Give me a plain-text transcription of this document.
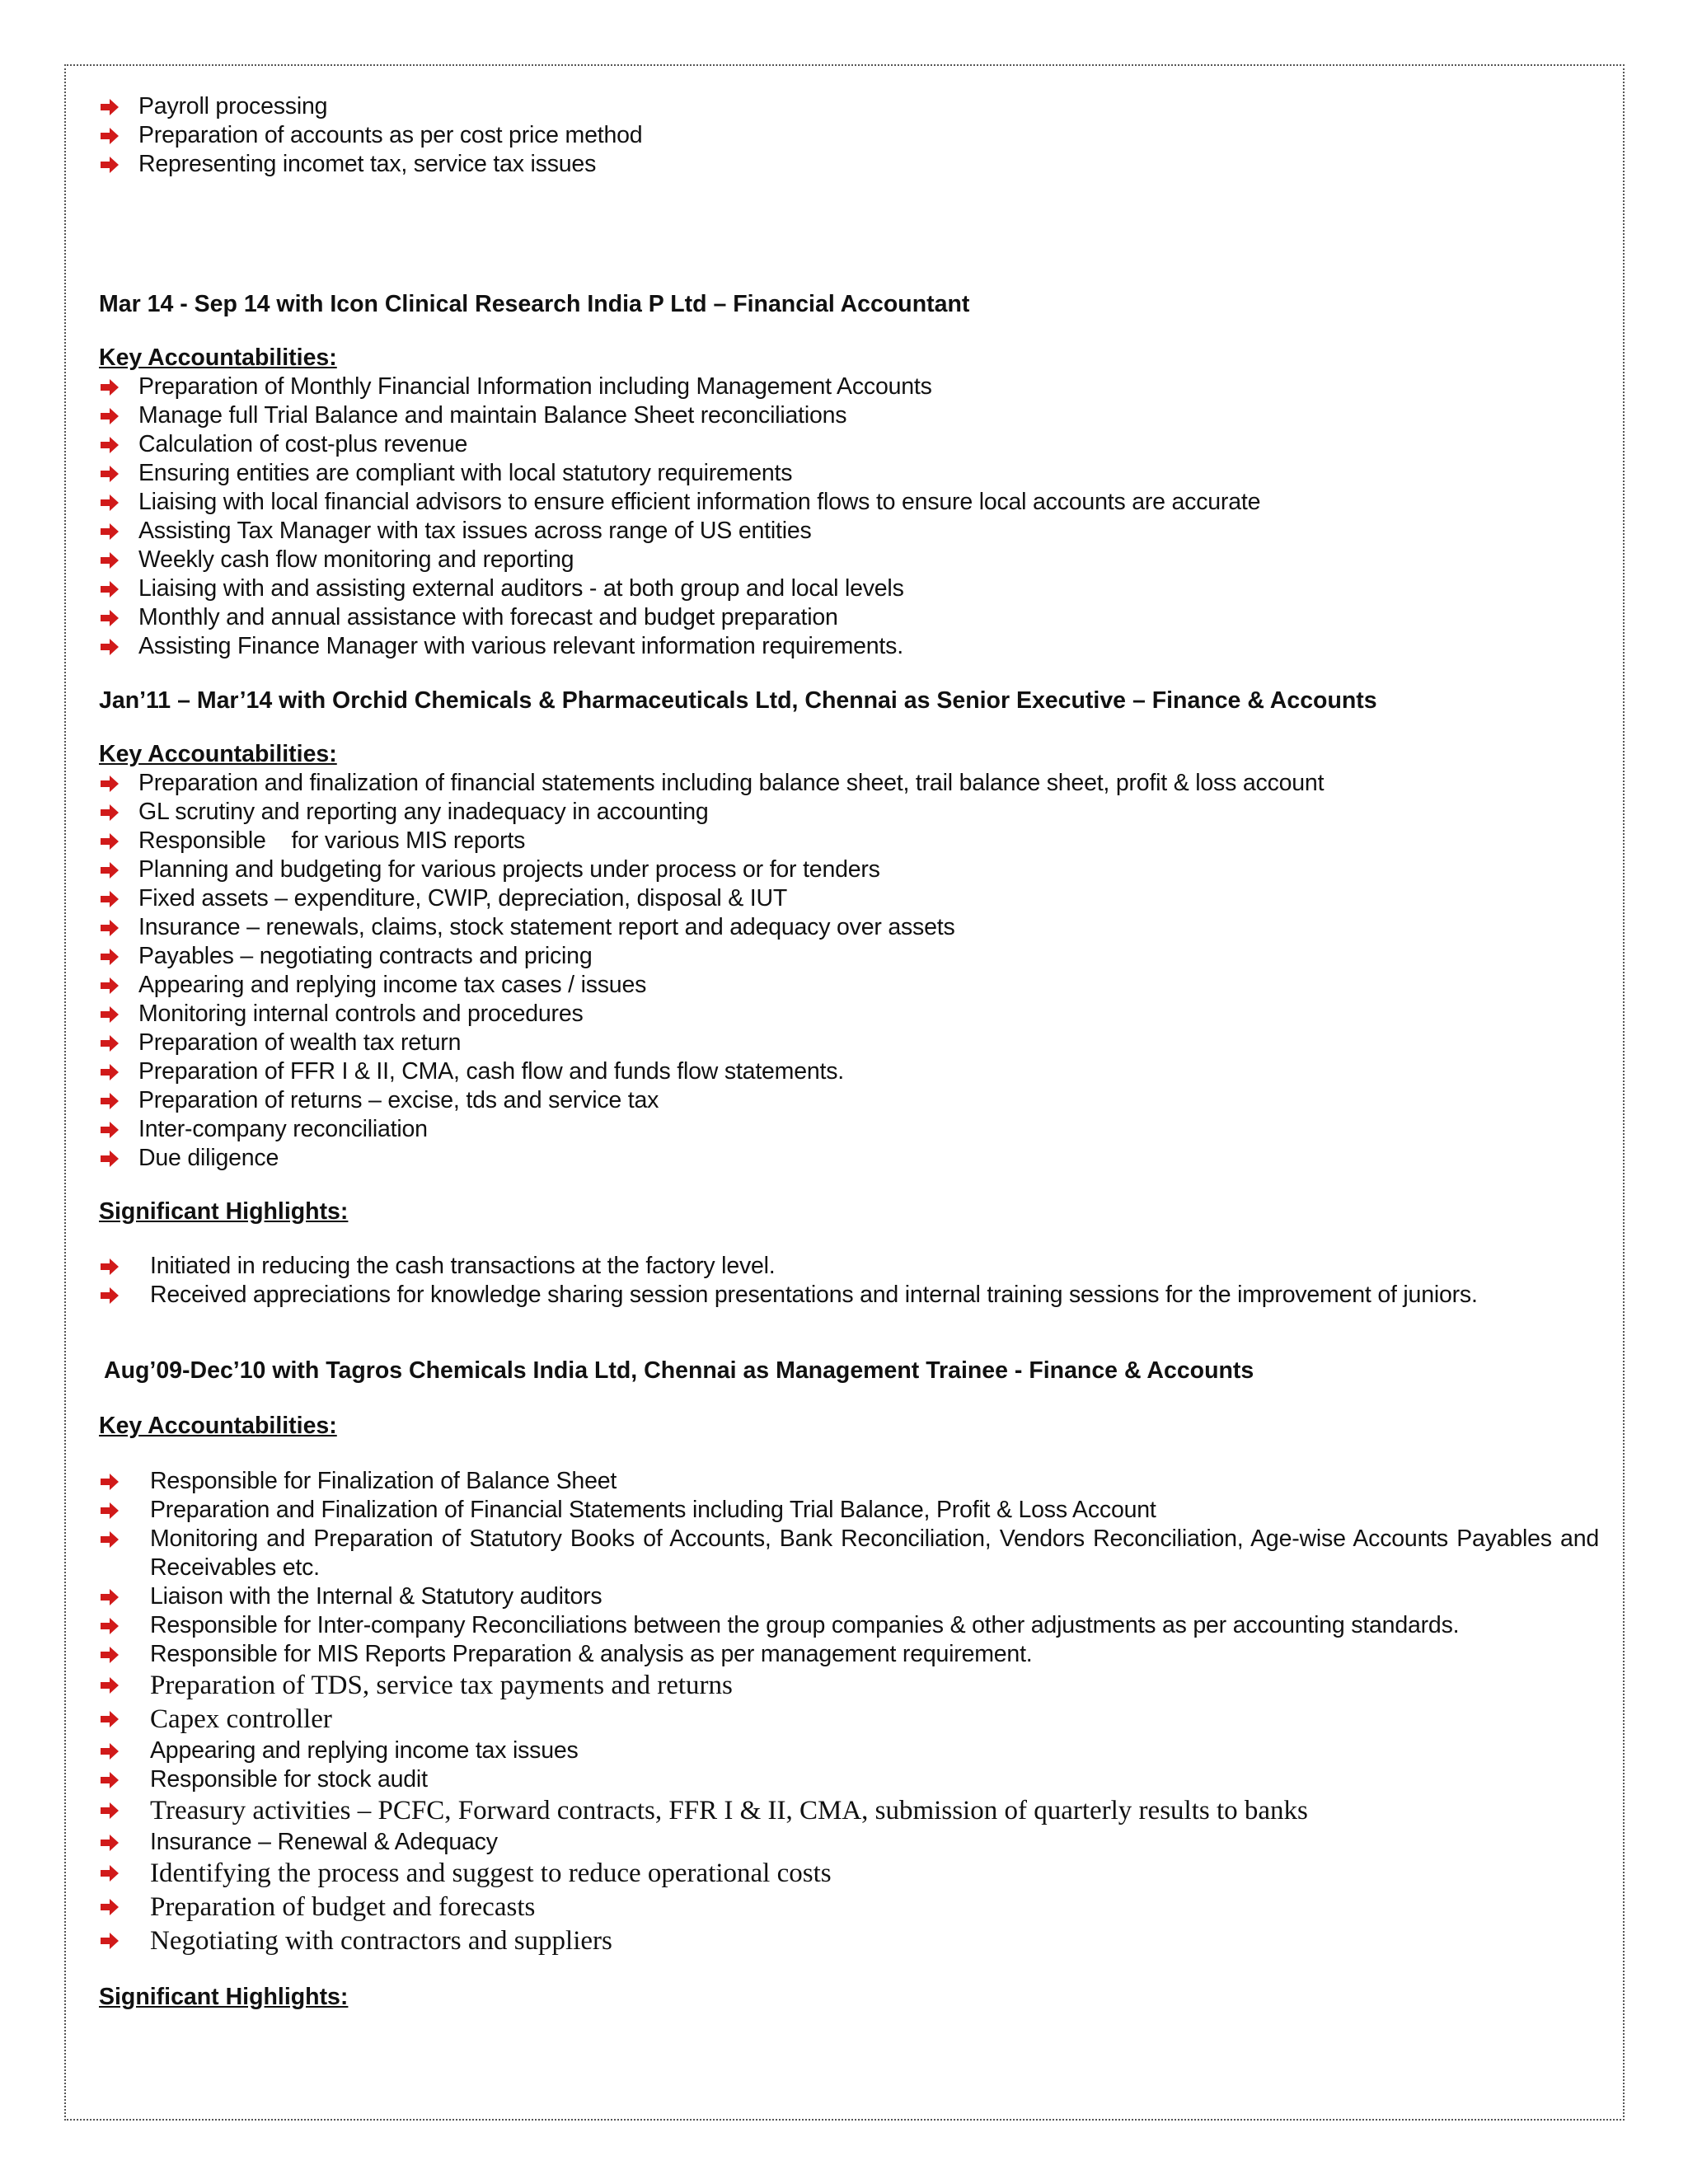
Payroll processing
Preparation of accounts as per cost price method
Representing incomet tax, service tax issues

Mar 14 - Sep 14 with Icon Clinical Research India P Ltd – Financial Accountant

Key Accountabilities:

Preparation of Monthly Financial Information including Management Accounts
Manage full Trial Balance and maintain Balance Sheet reconciliations
Calculation of cost-plus revenue
Ensuring entities are compliant with local statutory requirements
Liaising with local financial advisors to ensure efficient information flows to ensure local accounts are accurate
Assisting Tax Manager with tax issues across range of US entities
Weekly cash flow monitoring and reporting
Liaising with and assisting external auditors - at both group and local levels
Monthly and annual assistance with forecast and budget preparation
Assisting Finance Manager with various relevant information requirements.

Jan’11 – Mar’14 with Orchid Chemicals & Pharmaceuticals Ltd, Chennai as Senior Executive – Finance & Accounts

Key Accountabilities:

Preparation and finalization of financial statements including balance sheet, trail balance sheet, profit & loss account
GL scrutiny and reporting any inadequacy in accounting
Responsible    for various MIS reports
Planning and budgeting for various projects under process or for tenders
Fixed assets – expenditure, CWIP, depreciation, disposal & IUT
Insurance – renewals, claims, stock statement report and adequacy over assets
Payables – negotiating contracts and pricing
Appearing and replying income tax cases / issues
Monitoring internal controls and procedures
Preparation of wealth tax return
Preparation of FFR I & II, CMA, cash flow and funds flow statements.
Preparation of returns – excise, tds and service tax
Inter-company reconciliation
Due diligence

Significant Highlights:

Initiated in reducing the cash transactions at the factory level.
Received appreciations for knowledge sharing session presentations and internal training sessions for the improvement of juniors.

Aug’09-Dec’10 with Tagros Chemicals India Ltd, Chennai as Management Trainee - Finance & Accounts

Key Accountabilities:

Responsible for Finalization of Balance Sheet
Preparation and Finalization of Financial Statements including Trial Balance, Profit & Loss Account
Monitoring and Preparation of Statutory Books of Accounts, Bank Reconciliation, Vendors Reconciliation, Age-wise Accounts Payables and Receivables etc.
Liaison with the Internal & Statutory auditors
Responsible for Inter-company Reconciliations between the group companies & other adjustments as per accounting standards.
Responsible for MIS Reports Preparation & analysis as per management requirement.
Preparation of TDS, service tax payments and returns
Capex controller
Appearing and replying income tax issues
Responsible for stock audit
Treasury activities – PCFC, Forward contracts, FFR I & II, CMA, submission of quarterly results to banks
Insurance – Renewal & Adequacy
Identifying the process and suggest to reduce operational costs
Preparation of budget and forecasts
Negotiating with contractors and suppliers

Significant Highlights:
